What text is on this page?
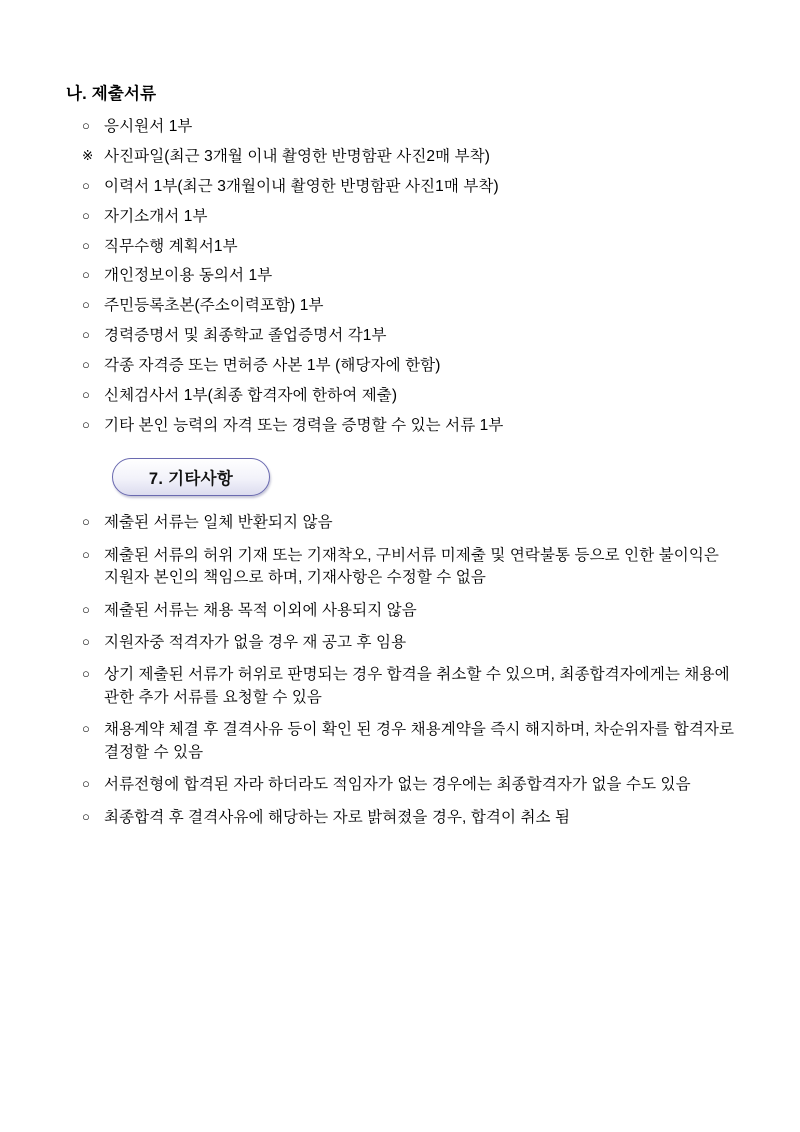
나. 제출서류
○ 응시원서 1부
※ 사진파일(최근 3개월 이내 촬영한 반명함판 사진2매 부착)
○ 이력서 1부(최근 3개월이내 촬영한 반명함판 사진1매 부착)
○ 자기소개서 1부
○ 직무수행 계획서1부
○ 개인정보이용 동의서 1부
○ 주민등록초본(주소이력포함) 1부
○ 경력증명서 및 최종학교 졸업증명서 각1부
○ 각종 자격증 또는 면허증 사본 1부 (해당자에 한함)
○ 신체검사서 1부(최종 합격자에 한하여 제출)
○ 기타 본인 능력의 자격 또는 경력을 증명할 수 있는 서류 1부
7. 기타사항
○ 제출된 서류는 일체 반환되지 않음
○ 제출된 서류의 허위 기재 또는 기재착오, 구비서류 미제출 및 연락불통 등으로 인한 불이익은 지원자 본인의 책임으로 하며, 기재사항은 수정할 수 없음
○ 제출된 서류는 채용 목적 이외에 사용되지 않음
○ 지원자중 적격자가 없을 경우 재 공고 후 임용
○ 상기 제출된 서류가 허위로 판명되는 경우 합격을 취소할 수 있으며, 최종합격자에게는 채용에 관한 추가 서류를 요청할 수 있음
○ 채용계약 체결 후 결격사유 등이 확인 된 경우 채용계약을 즉시 해지하며, 차순위자를 합격자로 결정할 수 있음
○ 서류전형에 합격된 자라 하더라도 적임자가 없는 경우에는 최종합격자가 없을 수도 있음
○ 최종합격 후 결격사유에 해당하는 자로 밝혀졌을 경우, 합격이 취소 됨
